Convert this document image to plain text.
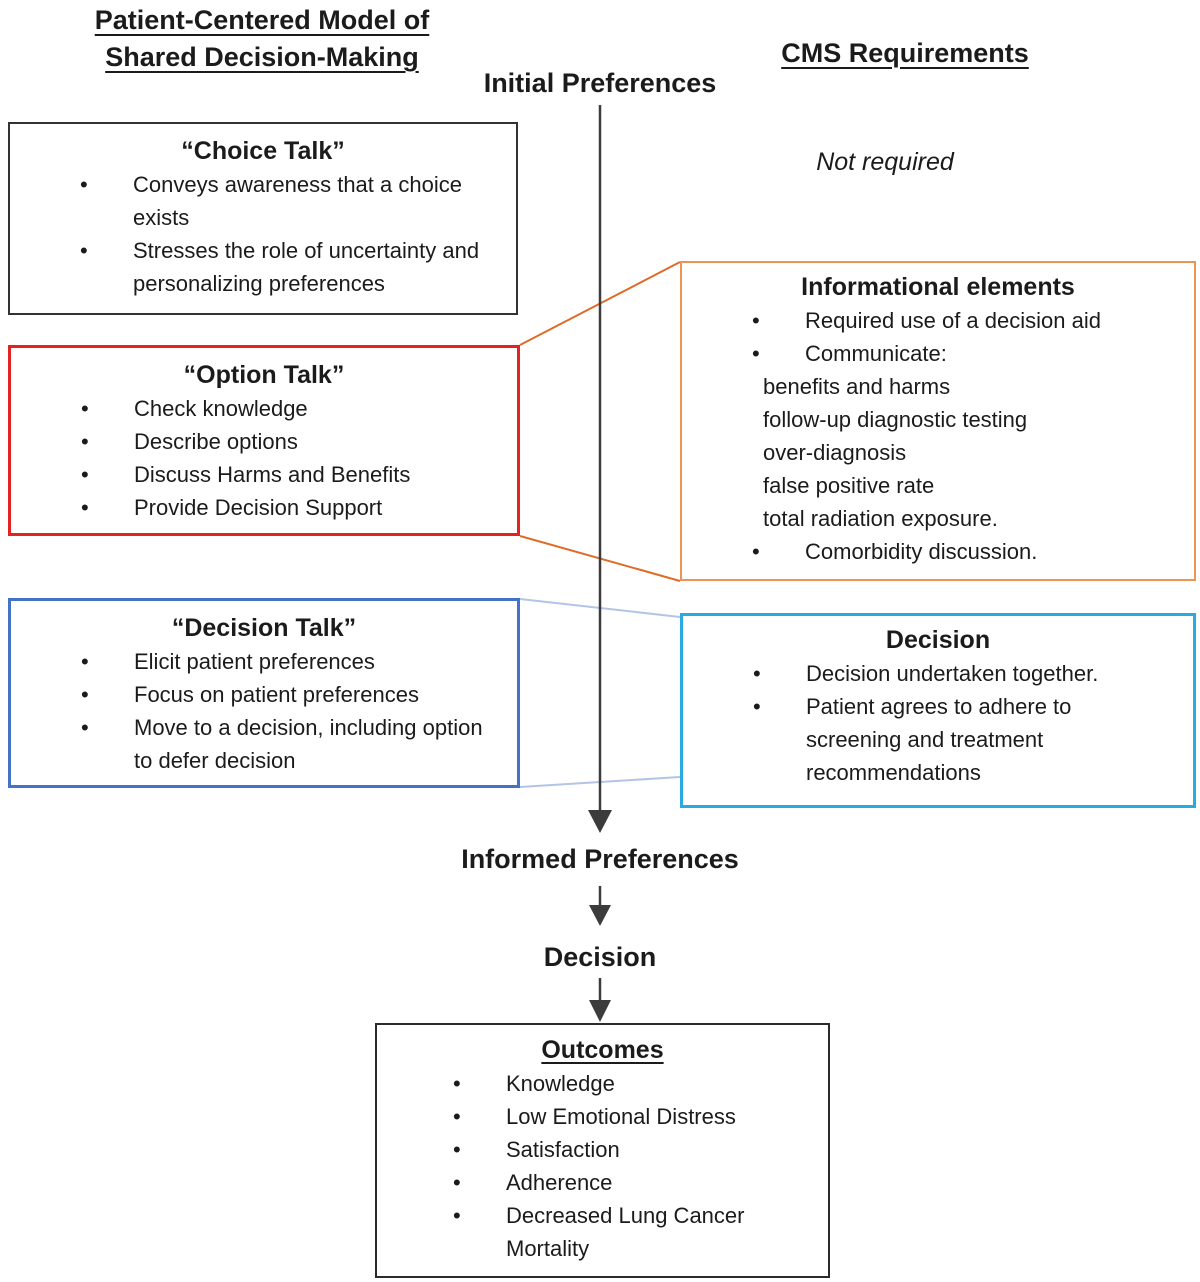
Patient-Centered Model of
Shared Decision-Making	CMS Requirements
Initial Preferences
Not required
“Choice Talk”
•	Conveys awareness that a choice exists
•	Stresses the role of uncertainty and personalizing preferences
“Option Talk”
•	Check knowledge
•	Describe options
•	Discuss Harms and Benefits
•	Provide Decision Support
“Decision Talk”
•	Elicit patient preferences
•	Focus on patient preferences
•	Move to a decision, including option to defer decision
Informational elements
•	Required use of a decision aid
•	Communicate:
benefits and harms
follow-up diagnostic testing
over-diagnosis
false positive rate
total radiation exposure.
•	Comorbidity discussion.
Decision
•	Decision undertaken together.
•	Patient agrees to adhere to screening and treatment recommendations
Informed Preferences
Decision
Outcomes
•	Knowledge
•	Low Emotional Distress
•	Satisfaction
•	Adherence
•	Decreased Lung Cancer Mortality
